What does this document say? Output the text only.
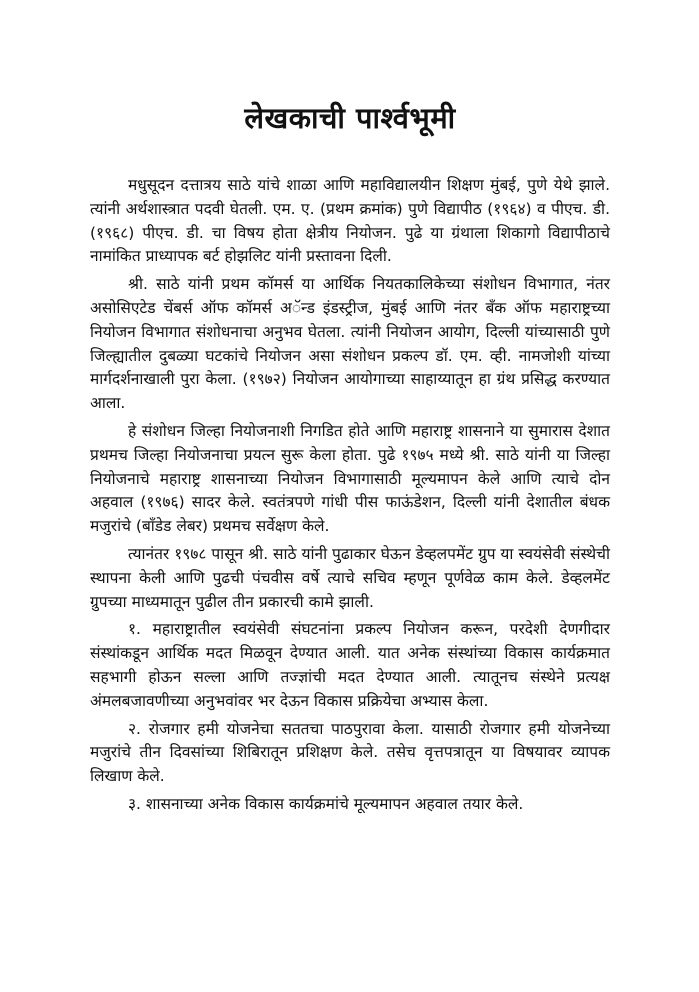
लेखकाची पार्श्वभूमी

मधुसूदन दत्तात्रय साठे यांचे शाळा आणि महाविद्यालयीन शिक्षण मुंबई, पुणे येथे झाले. त्यांनी अर्थशास्त्रात पदवी घेतली. एम. ए. (प्रथम क्रमांक) पुणे विद्यापीठ (१९६४) व पीएच. डी. (१९६८) पीएच. डी. चा विषय होता क्षेत्रीय नियोजन. पुढे या ग्रंथाला शिकागो विद्यापीठाचे नामांकित प्राध्यापक बर्ट होझलिट यांनी प्रस्तावना दिली.

श्री. साठे यांनी प्रथम कॉमर्स या आर्थिक नियतकालिकेच्या संशोधन विभागात, नंतर असोसिएटेड चेंबर्स ऑफ कॉमर्स अॅन्ड इंडस्ट्रीज, मुंबई आणि नंतर बँक ऑफ महाराष्ट्रच्या नियोजन विभागात संशोधनाचा अनुभव घेतला. त्यांनी नियोजन आयोग, दिल्ली यांच्यासाठी पुणे जिल्ह्यातील दुबळ्या घटकांचे नियोजन असा संशोधन प्रकल्प डॉ. एम. व्ही. नामजोशी यांच्या मार्गदर्शनाखाली पुरा केला. (१९७२) नियोजन आयोगाच्या साहाय्यातून हा ग्रंथ प्रसिद्ध करण्यात आला.

हे संशोधन जिल्हा नियोजनाशी निगडित होते आणि महाराष्ट्र शासनाने या सुमारास देशात प्रथमच जिल्हा नियोजनाचा प्रयत्न सुरू केला होता. पुढे १९७५ मध्ये श्री. साठे यांनी या जिल्हा नियोजनाचे महाराष्ट्र शासनाच्या नियोजन विभागासाठी मूल्यमापन केले आणि त्याचे दोन अहवाल (१९७६) सादर केले. स्वतंत्रपणे गांधी पीस फाऊंडेशन, दिल्ली यांनी देशातील बंधक मजुरांचे (बॉंडेड लेबर) प्रथमच सर्वेक्षण केले.

त्यानंतर १९७८ पासून श्री. साठे यांनी पुढाकार घेऊन डेव्हलपमेंट ग्रुप या स्वयंसेवी संस्थेची स्थापना केली आणि पुढची पंचवीस वर्षे त्याचे सचिव म्हणून पूर्णवेळ काम केले. डेव्हलमेंट ग्रुपच्या माध्यमातून पुढील तीन प्रकारची कामे झाली.

१. महाराष्ट्रातील स्वयंसेवी संघटनांना प्रकल्प नियोजन करून, परदेशी देणगीदार संस्थांकडून आर्थिक मदत मिळवून देण्यात आली. यात अनेक संस्थांच्या विकास कार्यक्रमात सहभागी होऊन सल्ला आणि तज्ज्ञांची मदत देण्यात आली. त्यातूनच संस्थेने प्रत्यक्ष अंमलबजावणीच्या अनुभवांवर भर देऊन विकास प्रक्रियेचा अभ्यास केला.

२. रोजगार हमी योजनेचा सततचा पाठपुरावा केला. यासाठी रोजगार हमी योजनेच्या मजुरांचे तीन दिवसांच्या शिबिरातून प्रशिक्षण केले. तसेच वृत्तपत्रातून या विषयावर व्यापक लिखाण केले.

३. शासनाच्या अनेक विकास कार्यक्रमांचे मूल्यमापन अहवाल तयार केले.
